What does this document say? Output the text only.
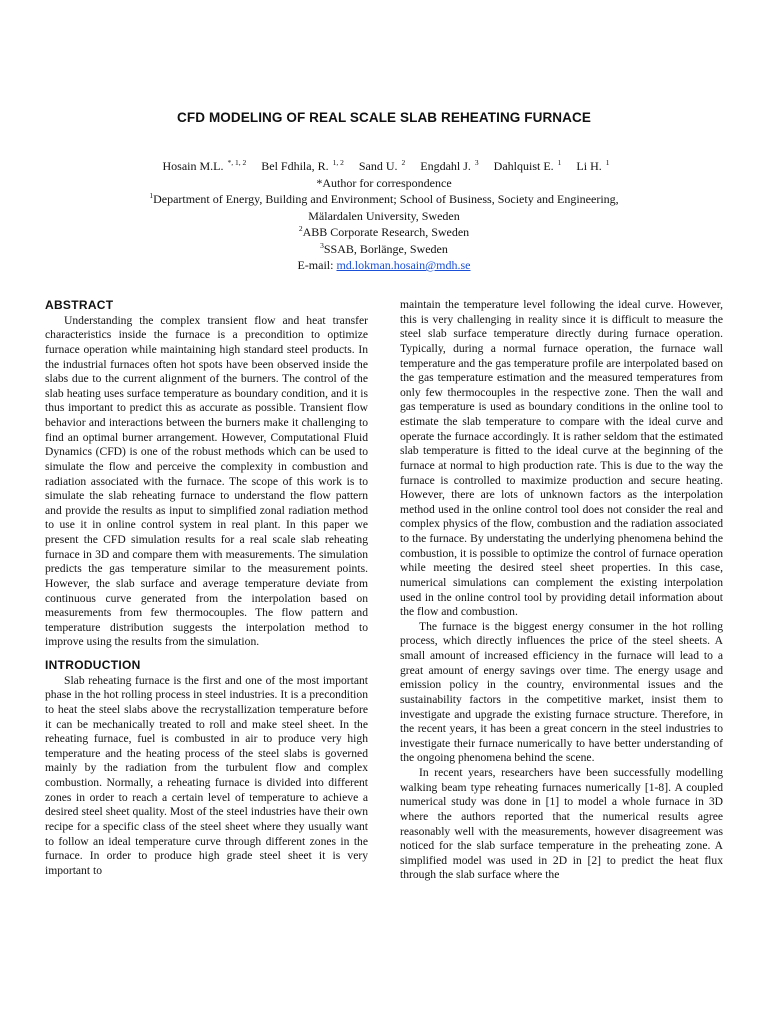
CFD MODELING OF REAL SCALE SLAB REHEATING FURNACE
Hosain M.L. $^{*, 1, 2}$ Bel Fdhila, R. $^{1, 2}$ Sand U. $^2$ Engdahl J. $^3$ Dahlquist E. $^1$ Li H. $^1$
*Author for correspondence
$^1$Department of Energy, Building and Environment; School of Business, Society and Engineering,
Mälardalen University, Sweden
$^2$ABB Corporate Research, Sweden
$^3$SSAB, Borlänge, Sweden
E-mail: md.lokman.hosain@mdh.se
ABSTRACT

Understanding the complex transient flow and heat transfer characteristics inside the furnace is a precondition to optimize furnace operation while maintaining high standard steel products. In the industrial furnaces often hot spots have been observed inside the slabs due to the current alignment of the burners. The control of the slab heating uses surface temperature as boundary condition, and it is thus important to predict this as accurate as possible. Transient flow behavior and interactions between the burners make it challenging to find an optimal burner arrangement. However, Computational Fluid Dynamics (CFD) is one of the robust methods which can be used to simulate the flow and perceive the complexity in combustion and radiation associated with the furnace. The scope of this work is to simulate the slab reheating furnace to understand the flow pattern and provide the results as input to simplified zonal radiation method to use it in online control system in real plant. In this paper we present the CFD simulation results for a real scale slab reheating furnace in 3D and compare them with measurements. The simulation predicts the gas temperature similar to the measurement points. However, the slab surface and average temperature deviate from continuous curve generated from the interpolation based on measurements from few thermocouples. The flow pattern and temperature distribution suggests the interpolation method to improve using the results from the simulation.

INTRODUCTION

Slab reheating furnace is the first and one of the most important phase in the hot rolling process in steel industries. It is a precondition to heat the steel slabs above the recrystallization temperature before it can be mechanically treated to roll and make steel sheet. In the reheating furnace, fuel is combusted in air to produce very high temperature and the heating process of the steel slabs is governed mainly by the radiation from the turbulent flow and complex combustion. Normally, a reheating furnace is divided into different zones in order to reach a certain level of temperature to achieve a desired steel sheet quality. Most of the steel industries have their own recipe for a specific class of the steel sheet where they usually want to follow an ideal temperature curve through different zones in the furnace. In order to produce high grade steel sheet it is very important to

maintain the temperature level following the ideal curve. However, this is very challenging in reality since it is difficult to measure the steel slab surface temperature directly during furnace operation. Typically, during a normal furnace operation, the furnace wall temperature and the gas temperature profile are interpolated based on the gas temperature estimation and the measured temperatures from only few thermocouples in the respective zone. Then the wall and gas temperature is used as boundary conditions in the online tool to estimate the slab temperature to compare with the ideal curve and operate the furnace accordingly. It is rather seldom that the estimated slab temperature is fitted to the ideal curve at the beginning of the furnace at normal to high production rate. This is due to the way the furnace is controlled to maximize production and secure heating. However, there are lots of unknown factors as the interpolation method used in the online control tool does not consider the real and complex physics of the flow, combustion and the radiation associated to the furnace. By understating the underlying phenomena behind the combustion, it is possible to optimize the control of furnace operation while meeting the desired steel sheet properties. In this case, numerical simulations can complement the existing interpolation used in the online control tool by providing detail information about the flow and combustion.

The furnace is the biggest energy consumer in the hot rolling process, which directly influences the price of the steel sheets. A small amount of increased efficiency in the furnace will lead to a great amount of energy savings over time. The energy usage and emission policy in the country, environmental issues and the sustainability factors in the competitive market, insist them to investigate and upgrade the existing furnace structure. Therefore, in the recent years, it has been a great concern in the steel industries to investigate their furnace numerically to have better understanding of the ongoing phenomena behind the scene.

In recent years, researchers have been successfully modelling walking beam type reheating furnaces numerically [1-8]. A coupled numerical study was done in [1] to model a whole furnace in 3D where the authors reported that the numerical results agree reasonably well with the measurements, however disagreement was noticed for the slab surface temperature in the preheating zone. A simplified model was used in 2D in [2] to predict the heat flux through the slab surface where the
